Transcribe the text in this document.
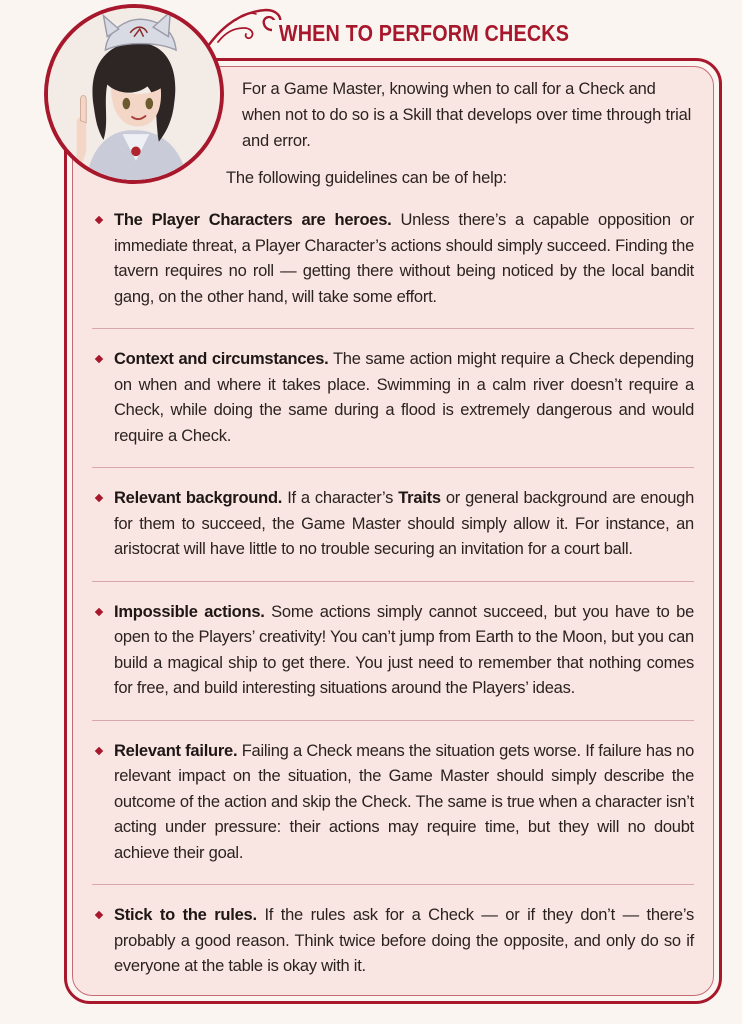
WHEN TO PERFORM CHECKS

For a Game Master, knowing when to call for a Check and when not to do so is a Skill that develops over time through trial and error.

The following guidelines can be of help:

The Player Characters are heroes. Unless there’s a capable opposition or immediate threat, a Player Character’s actions should simply succeed. Finding the tavern requires no roll — getting there without being noticed by the local bandit gang, on the other hand, will take some effort.
Context and circumstances. The same action might require a Check depending on when and where it takes place. Swimming in a calm river doesn’t require a Check, while doing the same during a flood is extremely dangerous and would require a Check.
Relevant background. If a character’s Traits or general background are enough for them to succeed, the Game Master should simply allow it. For instance, an aristocrat will have little to no trouble securing an invitation for a court ball.
Impossible actions. Some actions simply cannot succeed, but you have to be open to the Players’ creativity! You can’t jump from Earth to the Moon, but you can build a magical ship to get there. You just need to remember that nothing comes for free, and build interesting situations around the Players’ ideas.
Relevant failure. Failing a Check means the situation gets worse. If failure has no relevant impact on the situation, the Game Master should simply describe the outcome of the action and skip the Check. The same is true when a character isn’t acting under pressure: their actions may require time, but they will no doubt achieve their goal.
Stick to the rules. If the rules ask for a Check — or if they don’t — there’s probably a good reason. Think twice before doing the opposite, and only do so if everyone at the table is okay with it.
